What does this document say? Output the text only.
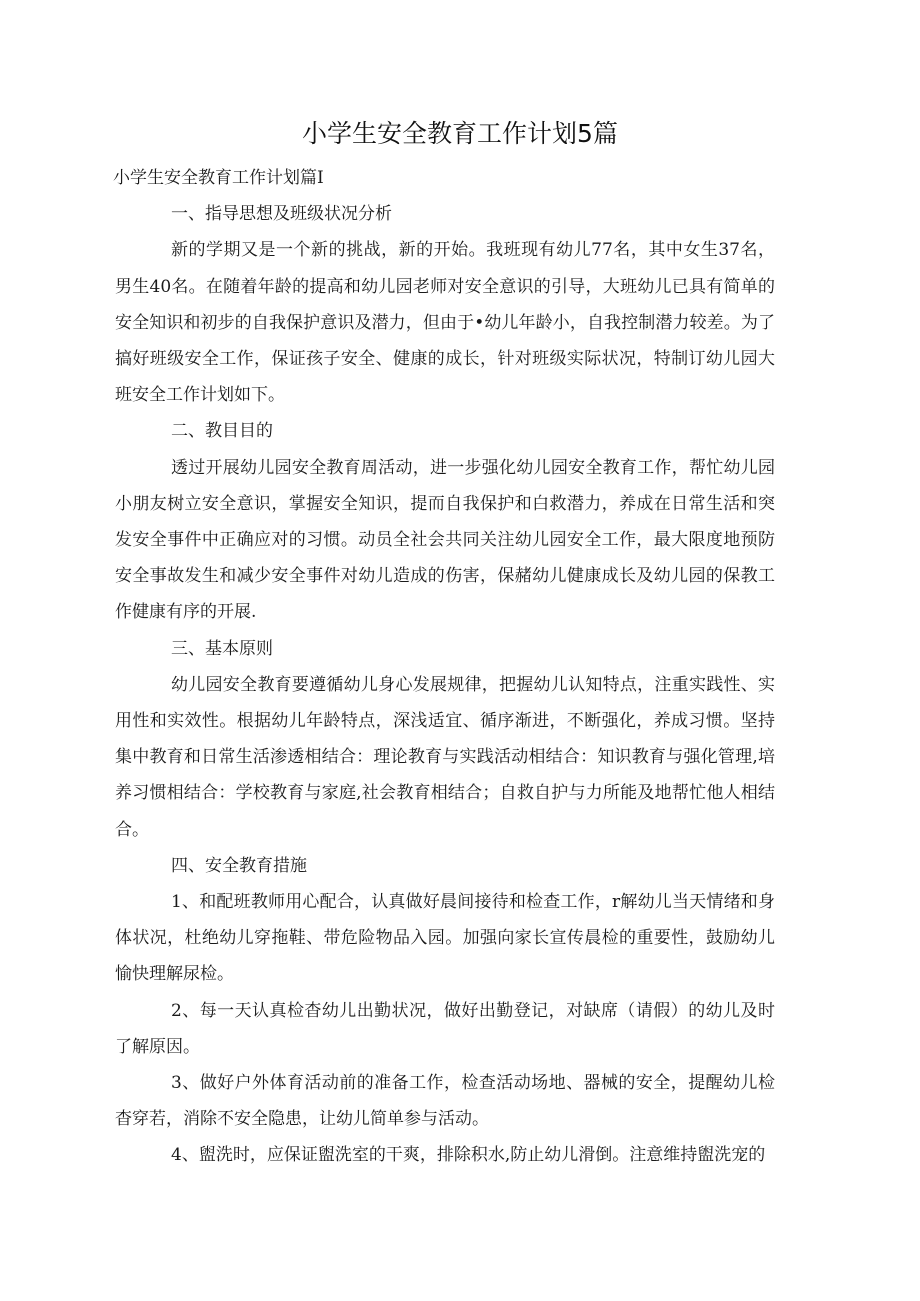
小学生安全教育工作计划5篇

小学生安全教育工作计划篇I

一、指导思想及班级状况分析

新的学期又是一个新的挑战，新的开始。我班现有幼儿77名，其中女生37名，男生40名。在随着年龄的提高和幼儿园老师对安全意识的引导，大班幼儿已具有简单的安全知识和初步的自我保护意识及潜力，但由于•幼儿年龄小，自我控制潜力较差。为了搞好班级安全工作，保证孩子安全、健康的成长，针对班级实际状况，特制订幼儿园大班安全工作计划如下。

二、教目目的

透过开展幼儿园安全教育周活动，进一步强化幼儿园安全教育工作，帮忙幼儿园小朋友树立安全意识，掌握安全知识，提而自我保护和白救潜力，养成在日常生活和突发安全事件中正确应对的习惯。动员全社会共同关注幼儿园安全工作，最大限度地预防安全事故发生和减少安全事件对幼儿造成的伤害，保赭幼儿健康成长及幼儿园的保教工作健康有序的开展.

三、基本原则

幼儿园安全教育要遵循幼儿身心发展规律，把握幼儿认知特点，注重实践性、实用性和实效性。根据幼儿年龄特点，深浅适宜、循序渐进，不断强化，养成习惯。坚持集中教育和日常生活渗透相结合：理论教育与实践活动相结合：知识教育与强化管理,培养习惯相结合：学校教育与家庭,社会教育相结合；自救自护与力所能及地帮忙他人相结合。

四、安全教育措施

1、和配班教师用心配合，认真做好晨间接待和检查工作，r解幼儿当天情绪和身体状况，杜绝幼儿穿拖鞋、带危险物品入园。加强向家长宣传晨检的重要性，鼓励幼儿愉快理解尿检。

2、每一天认真检杳幼儿出勤状况，做好出勤登记，对缺席（请假）的幼儿及时了解原因。

3、做好户外体育活动前的准备工作，检查活动场地、器械的安全，提醒幼儿检杳穿若，消除不安全隐患，让幼儿简单参与活动。

4、盥洗时，应保证盥洗室的干爽，排除积水,防止幼儿滑倒。注意维持盥洗宠的
